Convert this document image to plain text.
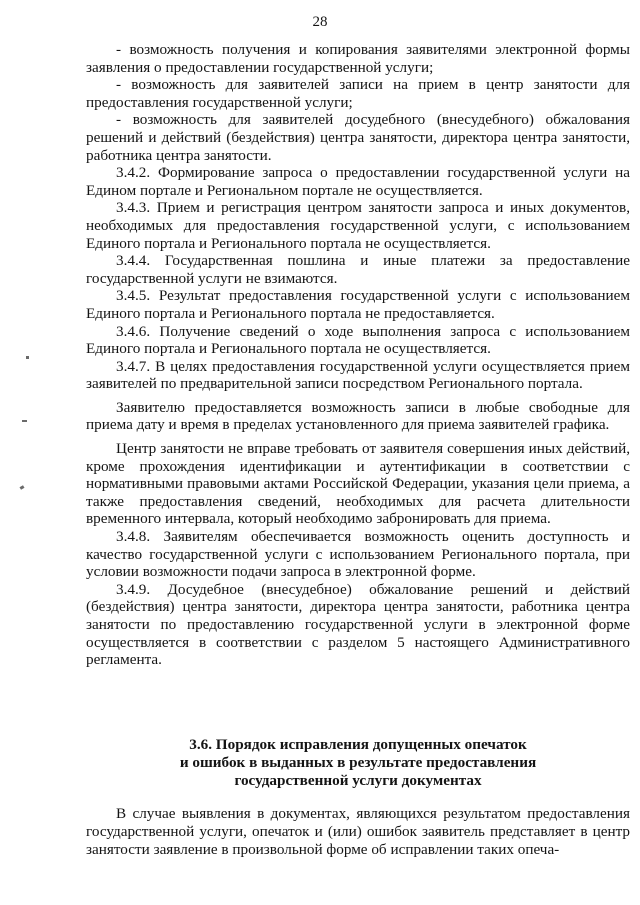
28

- возможность получения и копирования заявителями электронной формы заявления о предоставлении государственной услуги;

- возможность для заявителей записи на прием в центр занятости для предоставления государственной услуги;

- возможность для заявителей досудебного (внесудебного) обжалования решений и действий (бездействия) центра занятости, директора центра занятости, работника центра занятости.

3.4.2. Формирование запроса о предоставлении государственной услуги на Едином портале и Региональном портале не осуществляется.

3.4.3. Прием и регистрация центром занятости запроса и иных документов, необходимых для предоставления государственной услуги, с использованием Единого портала и Регионального портала не осуществляется.

3.4.4. Государственная пошлина и иные платежи за предоставление государственной услуги не взимаются.

3.4.5. Результат предоставления государственной услуги с использованием Единого портала и Регионального портала не предоставляется.

3.4.6. Получение сведений о ходе выполнения запроса с использованием Единого портала и Регионального портала не осуществляется.

3.4.7. В целях предоставления государственной услуги осуществляется прием заявителей по предварительной записи посредством Регионального портала.

Заявителю предоставляется возможность записи в любые свободные для приема дату и время в пределах установленного для приема заявителей графика.

Центр занятости не вправе требовать от заявителя совершения иных действий, кроме прохождения идентификации и аутентификации в соответствии с нормативными правовыми актами Российской Федерации, указания цели приема, а также предоставления сведений, необходимых для расчета длительности временного интервала, который необходимо забронировать для приема.

3.4.8. Заявителям обеспечивается возможность оценить доступность и качество государственной услуги с использованием Регионального портала, при условии возможности подачи запроса в электронной форме.

3.4.9. Досудебное (внесудебное) обжалование решений и действий (бездействия) центра занятости, директора центра занятости, работника центра занятости по предоставлению государственной услуги в электронной форме осуществляется в соответствии с разделом 5 настоящего Административного регламента.

3.6. Порядок исправления допущенных опечаток
и ошибок в выданных в результате предоставления
государственной услуги документах

В случае выявления в документах, являющихся результатом предоставления государственной услуги, опечаток и (или) ошибок заявитель представляет в центр занятости заявление в произвольной форме об исправлении таких опеча-
